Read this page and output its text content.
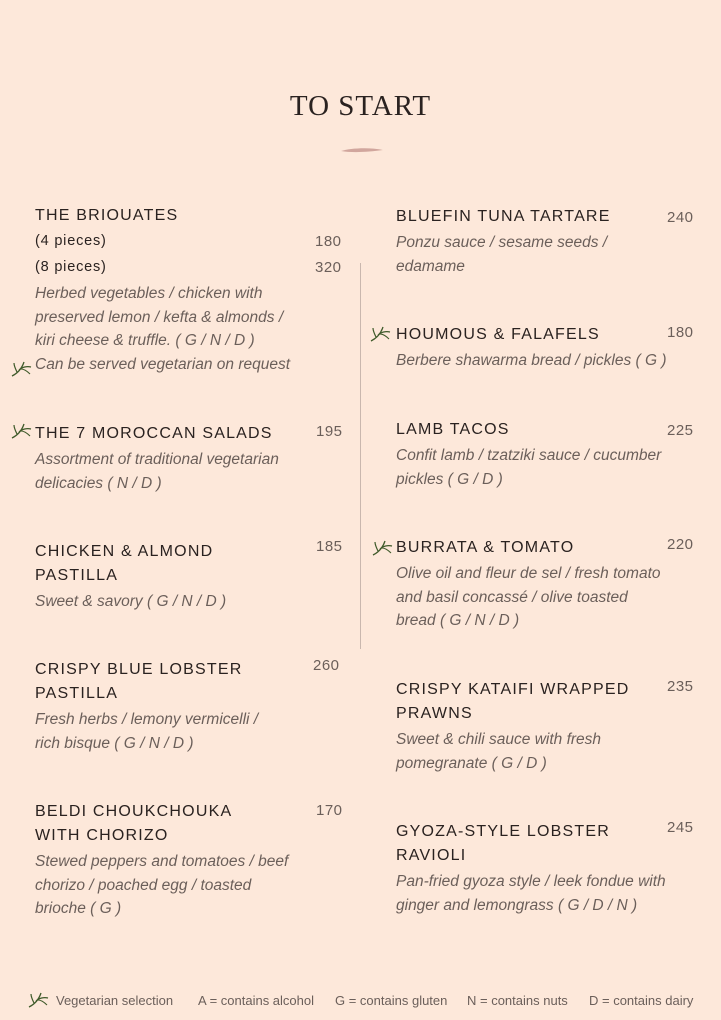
TO START

THE BRIOUATES

(4 pieces)

(8 pieces)

Herbed vegetables / chicken with
preserved lemon / kefta & almonds /
kiri cheese & truffle. ( G / N / D )
Can be served vegetarian on request

180
320

THE 7 MOROCCAN SALADS

Assortment of traditional vegetarian
delicacies ( N / D )

195

CHICKEN & ALMOND
PASTILLA

Sweet & savory ( G / N / D )

185

CRISPY BLUE LOBSTER
PASTILLA

Fresh herbs / lemony vermicelli /
rich bisque ( G / N / D )

260

BELDI CHOUKCHOUKA
WITH CHORIZO

Stewed peppers and tomatoes / beef
chorizo / poached egg / toasted
brioche ( G )

170

BLUEFIN TUNA TARTARE

Ponzu sauce / sesame seeds /
edamame

240

HOUMOUS & FALAFELS

Berbere shawarma bread / pickles ( G )

180

LAMB TACOS

Confit lamb / tzatziki sauce / cucumber
pickles ( G / D )

225

BURRATA & TOMATO

Olive oil and fleur de sel / fresh tomato
and basil concassé / olive toasted
bread ( G / N / D )

220

CRISPY KATAIFI WRAPPED
PRAWNS

Sweet & chili sauce with fresh
pomegranate ( G / D )

235

GYOZA-STYLE LOBSTER
RAVIOLI

Pan-fried gyoza style / leek fondue with
ginger and lemongrass ( G / D / N )

245
Vegetarian selection A = contains alcohol G = contains gluten N = contains nuts D = contains dairy
